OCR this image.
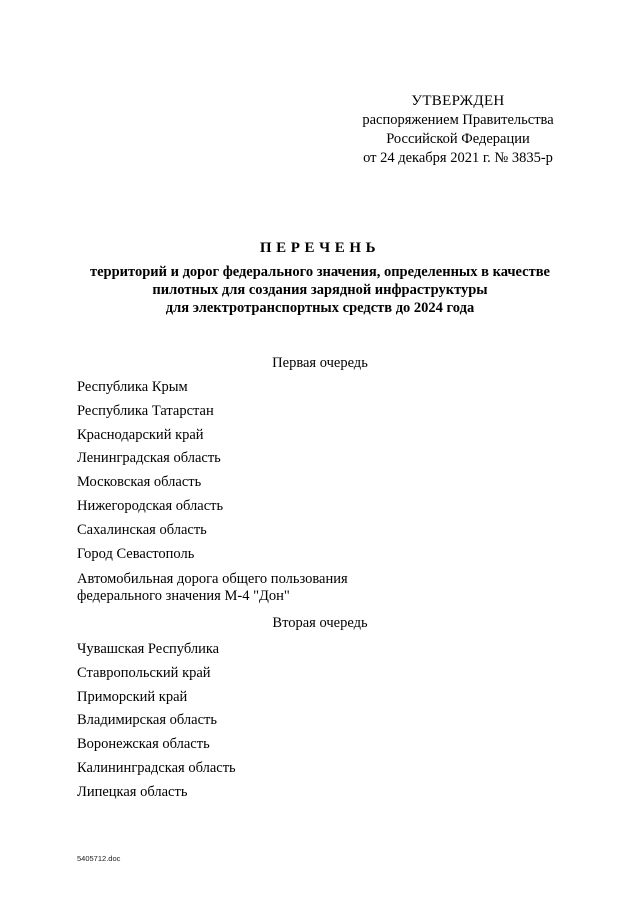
УТВЕРЖДЕН
распоряжением Правительства
Российской Федерации
от 24 декабря 2021 г. № 3835-р
ПЕРЕЧЕНЬ
территорий и дорог федерального значения, определенных в качестве
пилотных для создания зарядной инфраструктуры
для электротранспортных средств до 2024 года
Первая очередь
Республика Крым
Республика Татарстан
Краснодарский край
Ленинградская область
Московская область
Нижегородская область
Сахалинская область
Город Севастополь
Автомобильная дорога общего пользования
федерального значения М-4 "Дон"
Вторая очередь
Чувашская Республика
Ставропольский край
Приморский край
Владимирская область
Воронежская область
Калининградская область
Липецкая область
5405712.doc
